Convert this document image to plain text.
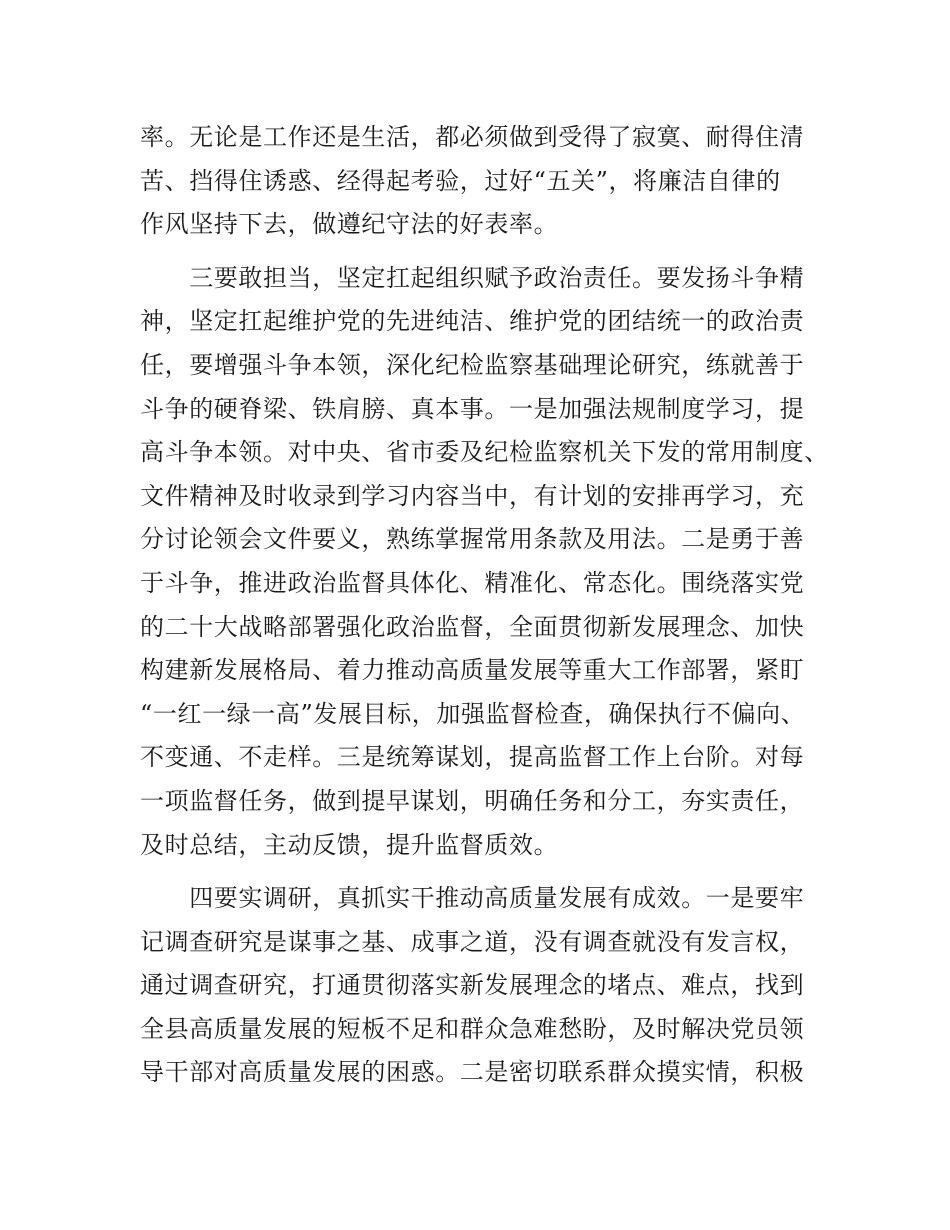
率。无论是工作还是生活，都必须做到受得了寂寞、耐得住清
苦、挡得住诱惑、经得起考验，过好“五关”，将廉洁自律的
作风坚持下去，做遵纪守法的好表率。
　　三要敢担当，坚定扛起组织赋予政治责任。要发扬斗争精
神，坚定扛起维护党的先进纯洁、维护党的团结统一的政治责
任，要增强斗争本领，深化纪检监察基础理论研究，练就善于
斗争的硬脊梁、铁肩膀、真本事。一是加强法规制度学习，提
高斗争本领。对中央、省市委及纪检监察机关下发的常用制度、
文件精神及时收录到学习内容当中，有计划的安排再学习，充
分讨论领会文件要义，熟练掌握常用条款及用法。二是勇于善
于斗争，推进政治监督具体化、精准化、常态化。围绕落实党
的二十大战略部署强化政治监督，全面贯彻新发展理念、加快
构建新发展格局、着力推动高质量发展等重大工作部署，紧盯
“一红一绿一高”发展目标，加强监督检查，确保执行不偏向、
不变通、不走样。三是统筹谋划，提高监督工作上台阶。对每
一项监督任务，做到提早谋划，明确任务和分工，夯实责任，
及时总结，主动反馈，提升监督质效。
　　四要实调研，真抓实干推动高质量发展有成效。一是要牢
记调查研究是谋事之基、成事之道，没有调查就没有发言权，
通过调查研究，打通贯彻落实新发展理念的堵点、难点，找到
全县高质量发展的短板不足和群众急难愁盼，及时解决党员领
导干部对高质量发展的困惑。二是密切联系群众摸实情，积极
